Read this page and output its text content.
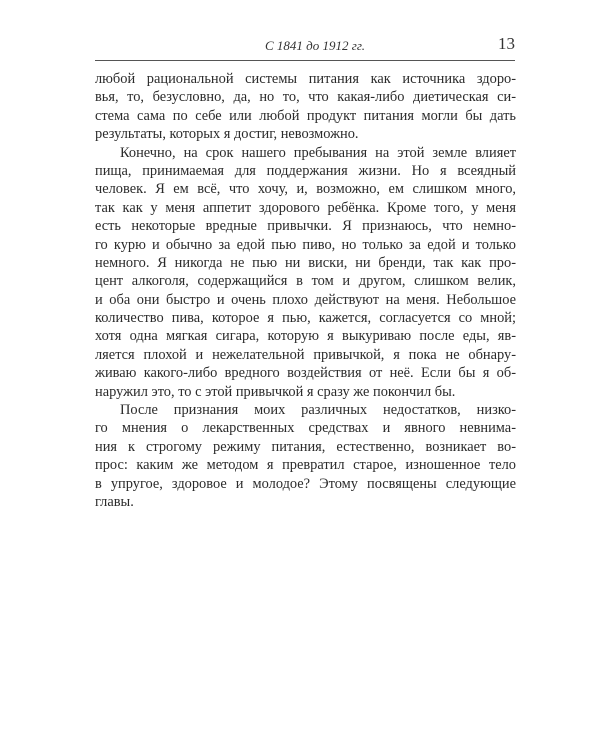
С 1841 до 1912 гг.	13
любой рациональной системы питания как источника здоро-
вья, то, безусловно, да, но то, что какая-либо диетическая си-
стема сама по себе или любой продукт питания могли бы дать
результаты, которых я достиг, невозможно.
Конечно, на срок нашего пребывания на этой земле влияет
пища, принимаемая для поддержания жизни. Но я всеядный
человек. Я ем всё, что хочу, и, возможно, ем слишком много,
так как у меня аппетит здорового ребёнка. Кроме того, у меня
есть некоторые вредные привычки. Я признаюсь, что немно-
го курю и обычно за едой пью пиво, но только за едой и только
немного. Я никогда не пью ни виски, ни бренди, так как про-
цент алкоголя, содержащийся в том и другом, слишком велик,
и оба они быстро и очень плохо действуют на меня. Небольшое
количество пива, которое я пью, кажется, согласуется со мной;
хотя одна мягкая сигара, которую я выкуриваю после еды, яв-
ляется плохой и нежелательной привычкой, я пока не обнару-
живаю какого-либо вредного воздействия от неё. Если бы я об-
наружил это, то с этой привычкой я сразу же покончил бы.
После признания моих различных недостатков, низко-
го мнения о лекарственных средствах и явного невнима-
ния к строгому режиму питания, естественно, возникает во-
прос: каким же методом я превратил старое, изношенное тело
в упругое, здоровое и молодое? Этому посвящены следующие
главы.
